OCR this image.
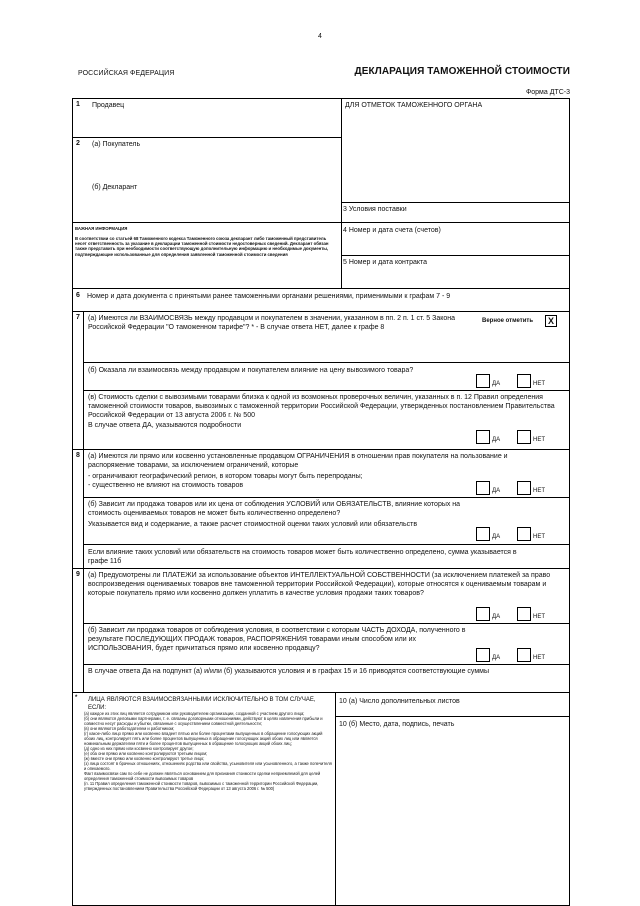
4
РОССИЙСКАЯ ФЕДЕРАЦИЯ	ДЕКЛАРАЦИЯ ТАМОЖЕННОЙ СТОИМОСТИ
Форма ДТС-3
1 Продавец	ДЛЯ ОТМЕТОК ТАМОЖЕННОГО ОРГАНА
2 (а) Покупатель
(б) Декларант
3 Условия поставки
4 Номер и дата счета (счетов)
5 Номер и дата контракта
ВАЖНАЯ ИНФОРМАЦИЯ
В соответствии со статьей 68 Таможенного кодекса Таможенного союза декларант либо таможенный представитель несет ответственность за указание в декларации таможенной стоимости недостоверных сведений. Декларант обязан также представить при необходимости соответствующую дополнительную информацию и необходимые документы, подтверждающие использованные для определения заявленной таможенной стоимости сведения
6 Номер и дата документа с принятыми ранее таможенными органами решениями, применимыми к графам 7 - 9
7 (а) Имеются ли ВЗАИМОСВЯЗЬ между продавцом и покупателем в значении, указанном в пп. 2 п. 1 ст. 5 Закона Российской Федерации "О таможенном тарифе"? * - В случае ответа НЕТ, далее к графе 8
Верное отметить	X
(б) Оказала ли взаимосвязь между продавцом и покупателем влияние на цену вывозимого товара?
ДА	НЕТ
(в) Стоимость сделки с вывозимыми товарами близка к одной из возможных проверочных величин, указанных в п. 12 Правил определения таможенной стоимости товаров, вывозимых с таможенной территории Российской Федерации, утвержденных постановлением Правительства Российской Федерации от 13 августа 2006 г. № 500
В случае ответа ДА, указываются подробности
ДА	НЕТ
8 (а) Имеются ли прямо или косвенно установленные продавцом ОГРАНИЧЕНИЯ в отношении прав покупателя на пользование и распоряжение товарами, за исключением ограничений, которые
- ограничивают географический регион, в котором товары могут быть перепроданы;
- существенно не влияют на стоимость товаров
ДА	НЕТ
(б) Зависит ли продажа товаров или их цена от соблюдения УСЛОВИЙ или ОБЯЗАТЕЛЬСТВ, влияние которых на стоимость оцениваемых товаров не может быть количественно определено?
Указывается вид и содержание, а также расчет стоимостной оценки таких условий или обязательств
ДА	НЕТ
Если влияние таких условий или обязательств на стоимость товаров может быть количественно определено, сумма указывается в графе 11б
9 (а) Предусмотрены ли ПЛАТЕЖИ за использование объектов ИНТЕЛЛЕКТУАЛЬНОЙ СОБСТВЕННОСТИ (за исключением платежей за право воспроизведения оцениваемых товаров вне таможенной территории Российской Федерации), которые относятся к оцениваемым товарам и которые покупатель прямо или косвенно должен уплатить в качестве условия продажи таких товаров?
ДА	НЕТ
(б) Зависит ли продажа товаров от соблюдения условия, в соответствии с которым ЧАСТЬ ДОХОДА, полученного в результате ПОСЛЕДУЮЩИХ ПРОДАЖ товаров, РАСПОРЯЖЕНИЯ товарами иным способом или их ИСПОЛЬЗОВАНИЯ, будет причитаться прямо или косвенно продавцу?
ДА	НЕТ
В случае ответа Да на подпункт (а) и/или (б) указываются условия и в графах 15 и 16 приводятся соответствующие суммы
* ЛИЦА ЯВЛЯЮТСЯ ВЗАИМОСВЯЗАННЫМИ ИСКЛЮЧИТЕЛЬНО В ТОМ СЛУЧАЕ, ЕСЛИ:
(а) каждое из этих лиц является сотрудником или руководителем организации, созданной с участием другого лица;
(б) они являются деловыми партнерами, т. е. связаны договорными отношениями, действуют в целях извлечения прибыли и совместно несут расходы и убытки, связанные с осуществлением совместной деятельности;
(в) они являются работодателем и работником;
(г) какое-либо лицо прямо или косвенно владеет пятью или более процентами выпущенных в обращение голосующих акций обоих лиц, контролирует пять или более процентов выпущенных в обращение голосующих акций обоих лиц или является номинальным держателем пяти и более процентов выпущенных в обращение голосующих акций обоих лиц;
(д) одно из них прямо или косвенно контролирует другое;
(е) оба они прямо или косвенно контролируются третьим лицом;
(ж) вместе они прямо или косвенно контролируют третье лицо;
(з) лица состоят в брачных отношениях, отношениях родства или свойства, усыновителя или усыновленного, а также попечителя и опекаемого.
Факт взаимосвязи сам по себе не должен являться основанием для признания стоимости сделки неприемлемой для целей определения таможенной стоимости вывозимых товаров
(п. 11 Правил определения таможенной стоимости товаров, вывозимых с таможенной территории Российской Федерации, утвержденных постановлением Правительства Российской Федерации от 13 августа 2006 г. № 500)
10 (а) Число дополнительных листов
10 (б) Место, дата, подпись, печать
